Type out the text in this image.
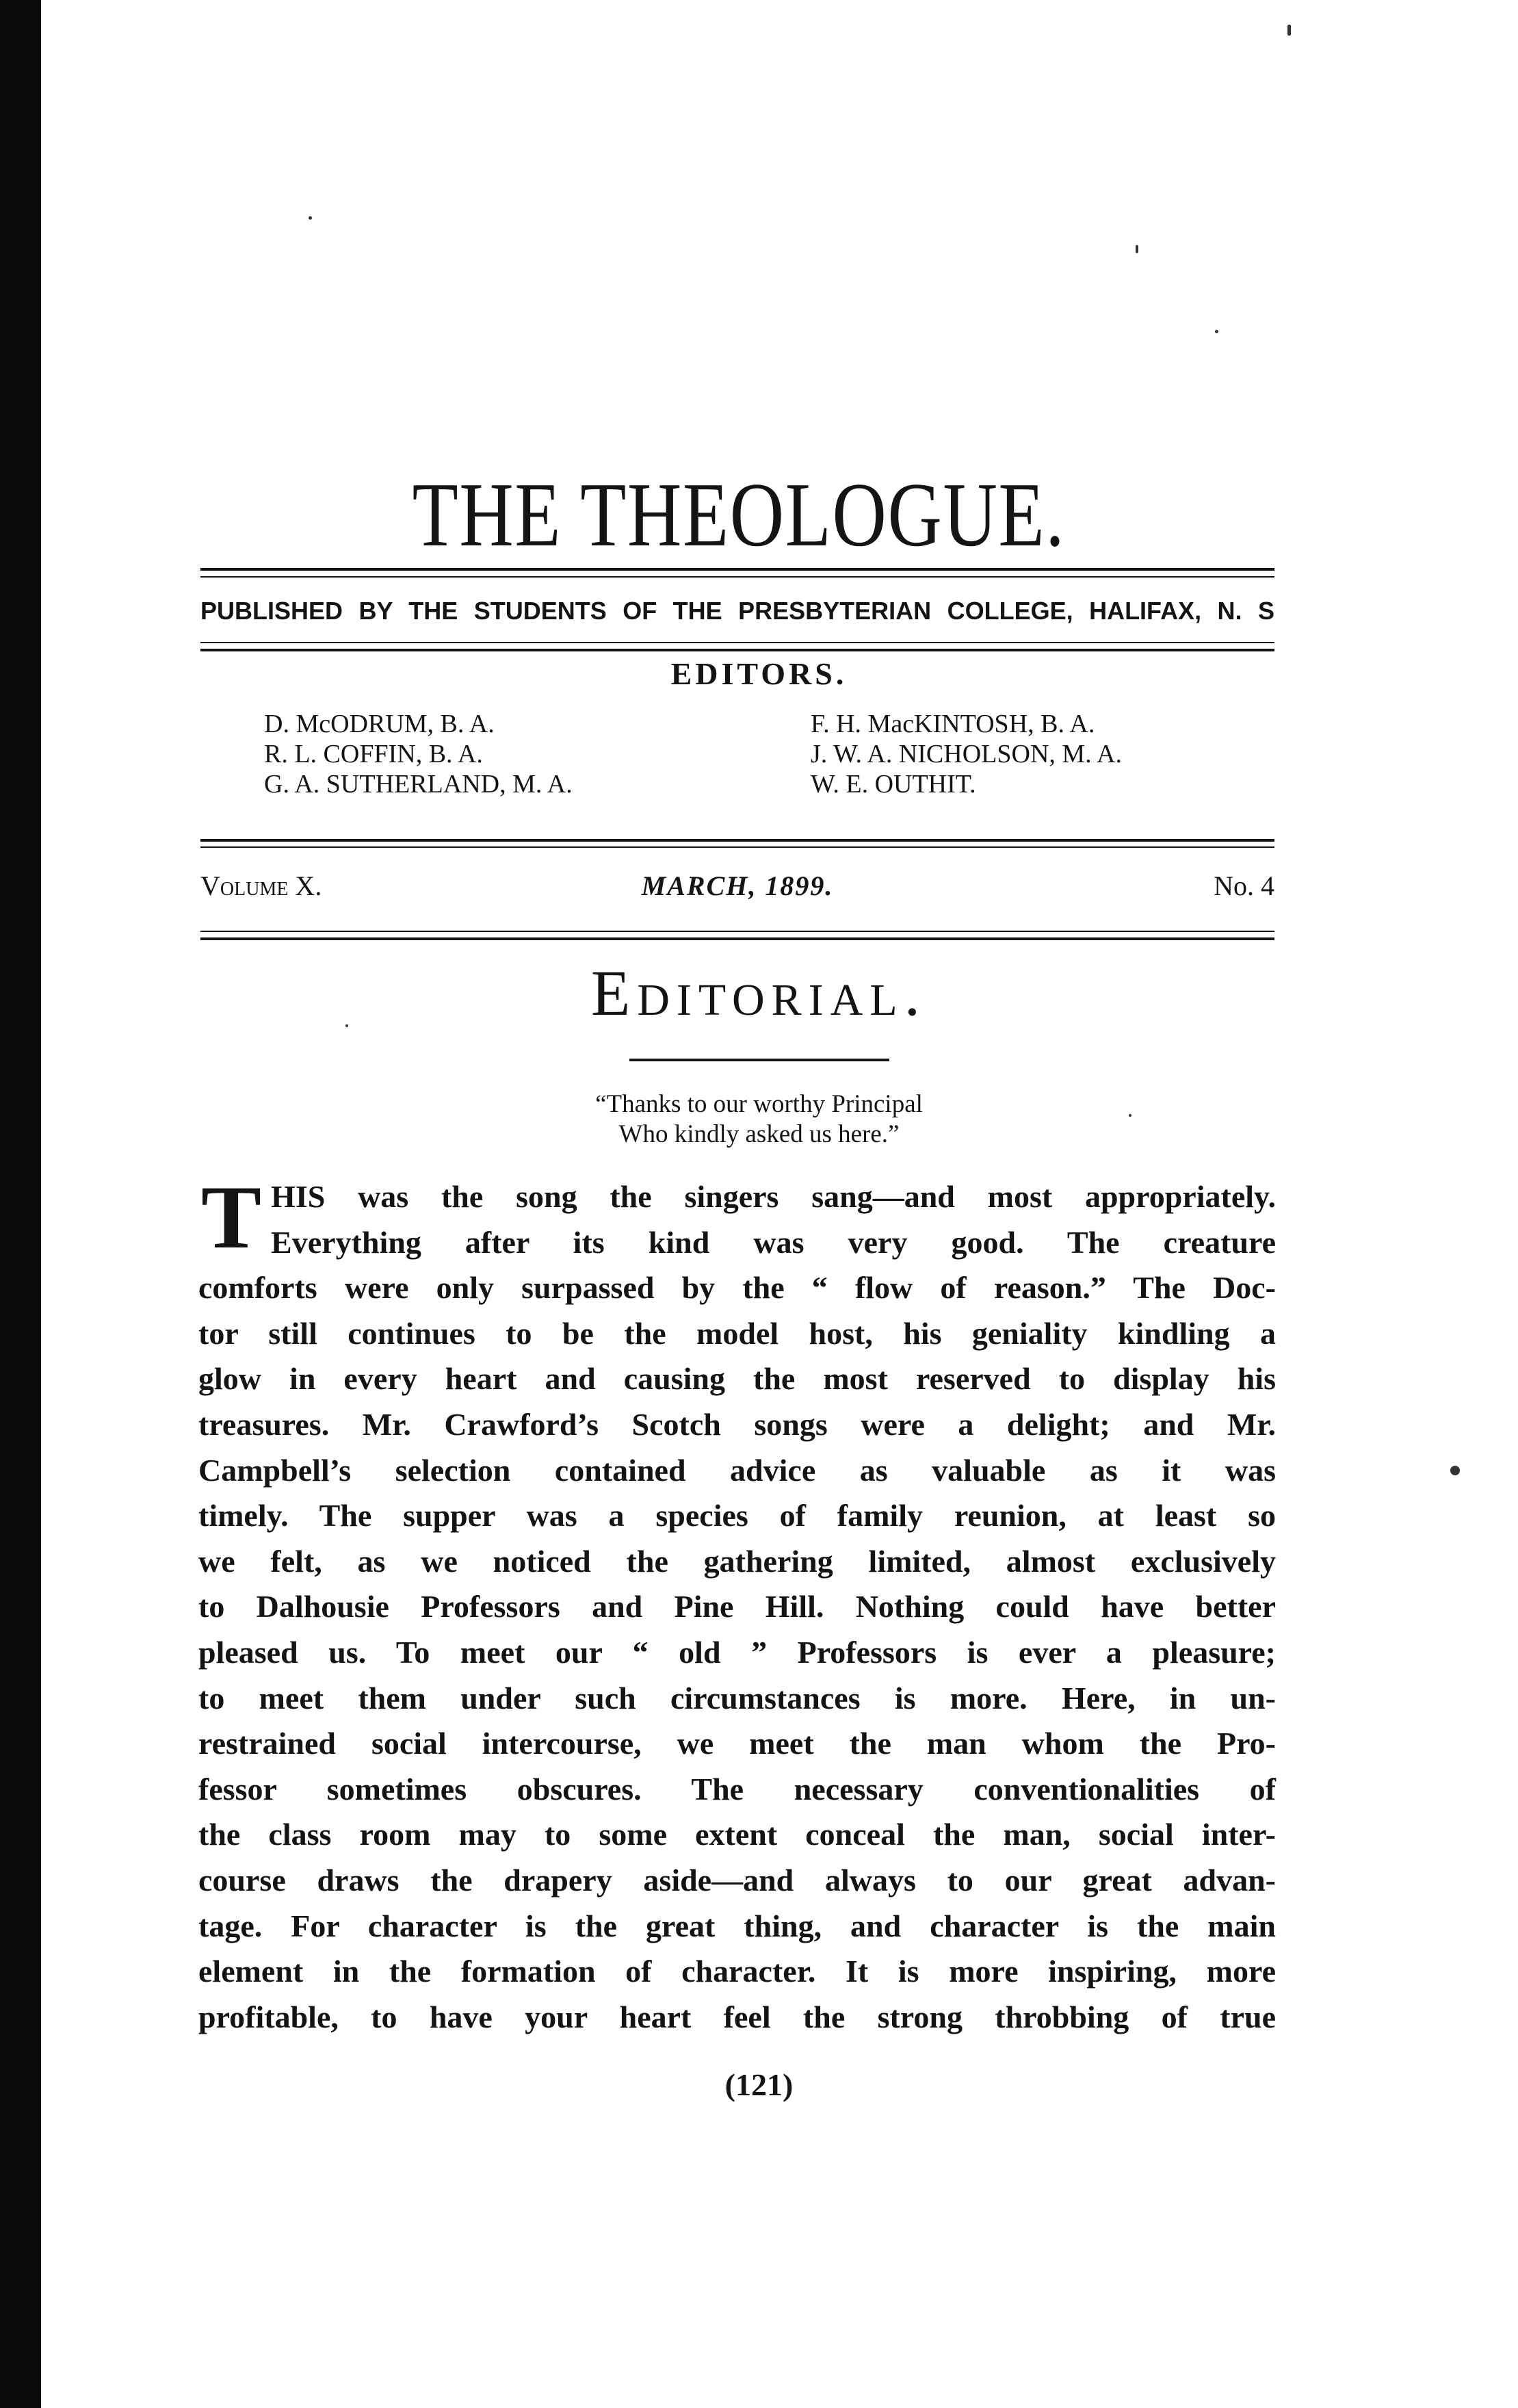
THE THEOLOGUE.
PUBLISHED BY THE STUDENTS OF THE PRESBYTERIAN COLLEGE, HALIFAX, N. S
EDITORS.
D. McODRUM, B. A.
R. L. COFFIN, B. A.
G. A. SUTHERLAND, M. A.
F. H. MacKINTOSH, B. A.
J. W. A. NICHOLSON, M. A.
W. E. OUTHIT.
Volume X.	MARCH, 1899.	No. 4
Editorial.
“Thanks to our worthy Principal
Who kindly asked us here.”
T HIS was the song the singers sang—and most appropriately.
Everything after its kind was very good. The creature
comforts were only surpassed by the “ flow of reason.” The Doc-
tor still continues to be the model host, his geniality kindling a
glow in every heart and causing the most reserved to display his
treasures. Mr. Crawford’s Scotch songs were a delight; and Mr.
Campbell’s selection contained advice as valuable as it was
timely. The supper was a species of family reunion, at least so
we felt, as we noticed the gathering limited, almost exclusively
to Dalhousie Professors and Pine Hill. Nothing could have better
pleased us. To meet our “ old ” Professors is ever a pleasure;
to meet them under such circumstances is more. Here, in un-
restrained social intercourse, we meet the man whom the Pro-
fessor sometimes obscures. The necessary conventionalities of
the class room may to some extent conceal the man, social inter-
course draws the drapery aside—and always to our great advan-
tage. For character is the great thing, and character is the main
element in the formation of character. It is more inspiring, more
profitable, to have your heart feel the strong throbbing of true
(121)
